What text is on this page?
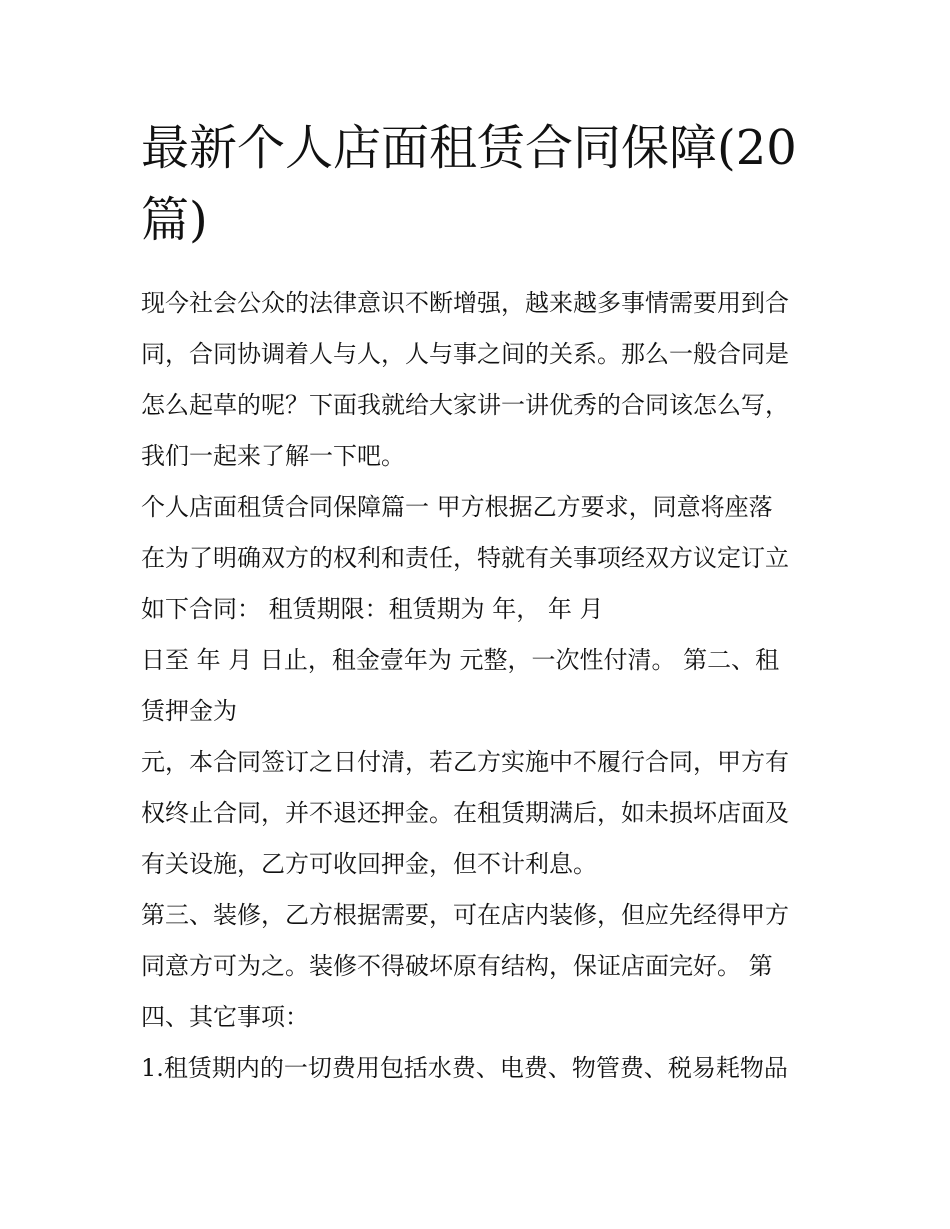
最新个人店面租赁合同保障(20
篇)
现今社会公众的法律意识不断增强，越来越多事情需要用到合
同，合同协调着人与人，人与事之间的关系。那么一般合同是
怎么起草的呢？下面我就给大家讲一讲优秀的合同该怎么写，
我们一起来了解一下吧。
个人店面租赁合同保障篇一 甲方根据乙方要求，同意将座落
在为了明确双方的权利和责任，特就有关事项经双方议定订立
如下合同： 租赁期限：租赁期为 年， 年 月
日至 年 月 日止，租金壹年为 元整，一次性付清。 第二、租
赁押金为
元，本合同签订之日付清，若乙方实施中不履行合同，甲方有
权终止合同，并不退还押金。在租赁期满后，如未损坏店面及
有关设施，乙方可收回押金，但不计利息。
第三、装修，乙方根据需要，可在店内装修，但应先经得甲方
同意方可为之。装修不得破坏原有结构，保证店面完好。 第
四、其它事项：
1.租赁期内的一切费用包括水费、电费、物管费、税易耗物品
